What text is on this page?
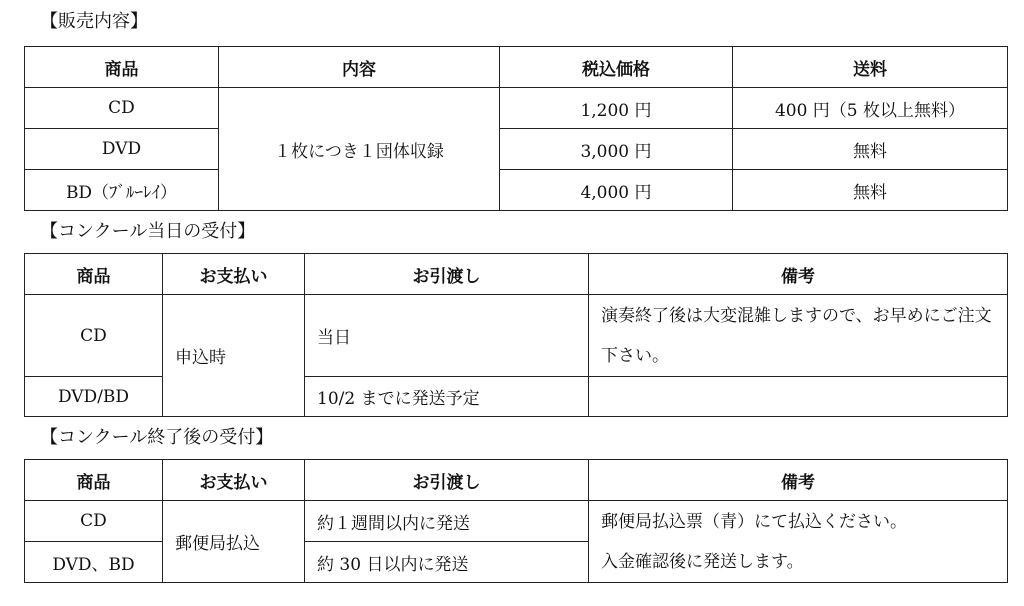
【販売内容】
商品	内容	税込価格	送料
CD	１枚につき１団体収録	1,200 円	400 円（5 枚以上無料）
DVD		3,000 円	無料
BD（ﾌﾞﾙｰﾚｲ）		4,000 円	無料
【コンクール当日の受付】
商品	お支払い	お引渡し	備考
CD	申込時	当日	演奏終了後は大変混雑しますので、お早めにご注文下さい。
DVD/BD		10/2 までに発送予定	
【コンクール終了後の受付】
商品	お支払い	お引渡し	備考
CD	郵便局払込	約１週間以内に発送	郵便局払込票（青）にて払込ください。
入金確認後に発送します。

DVD、BD		約 30 日以内に発送	
